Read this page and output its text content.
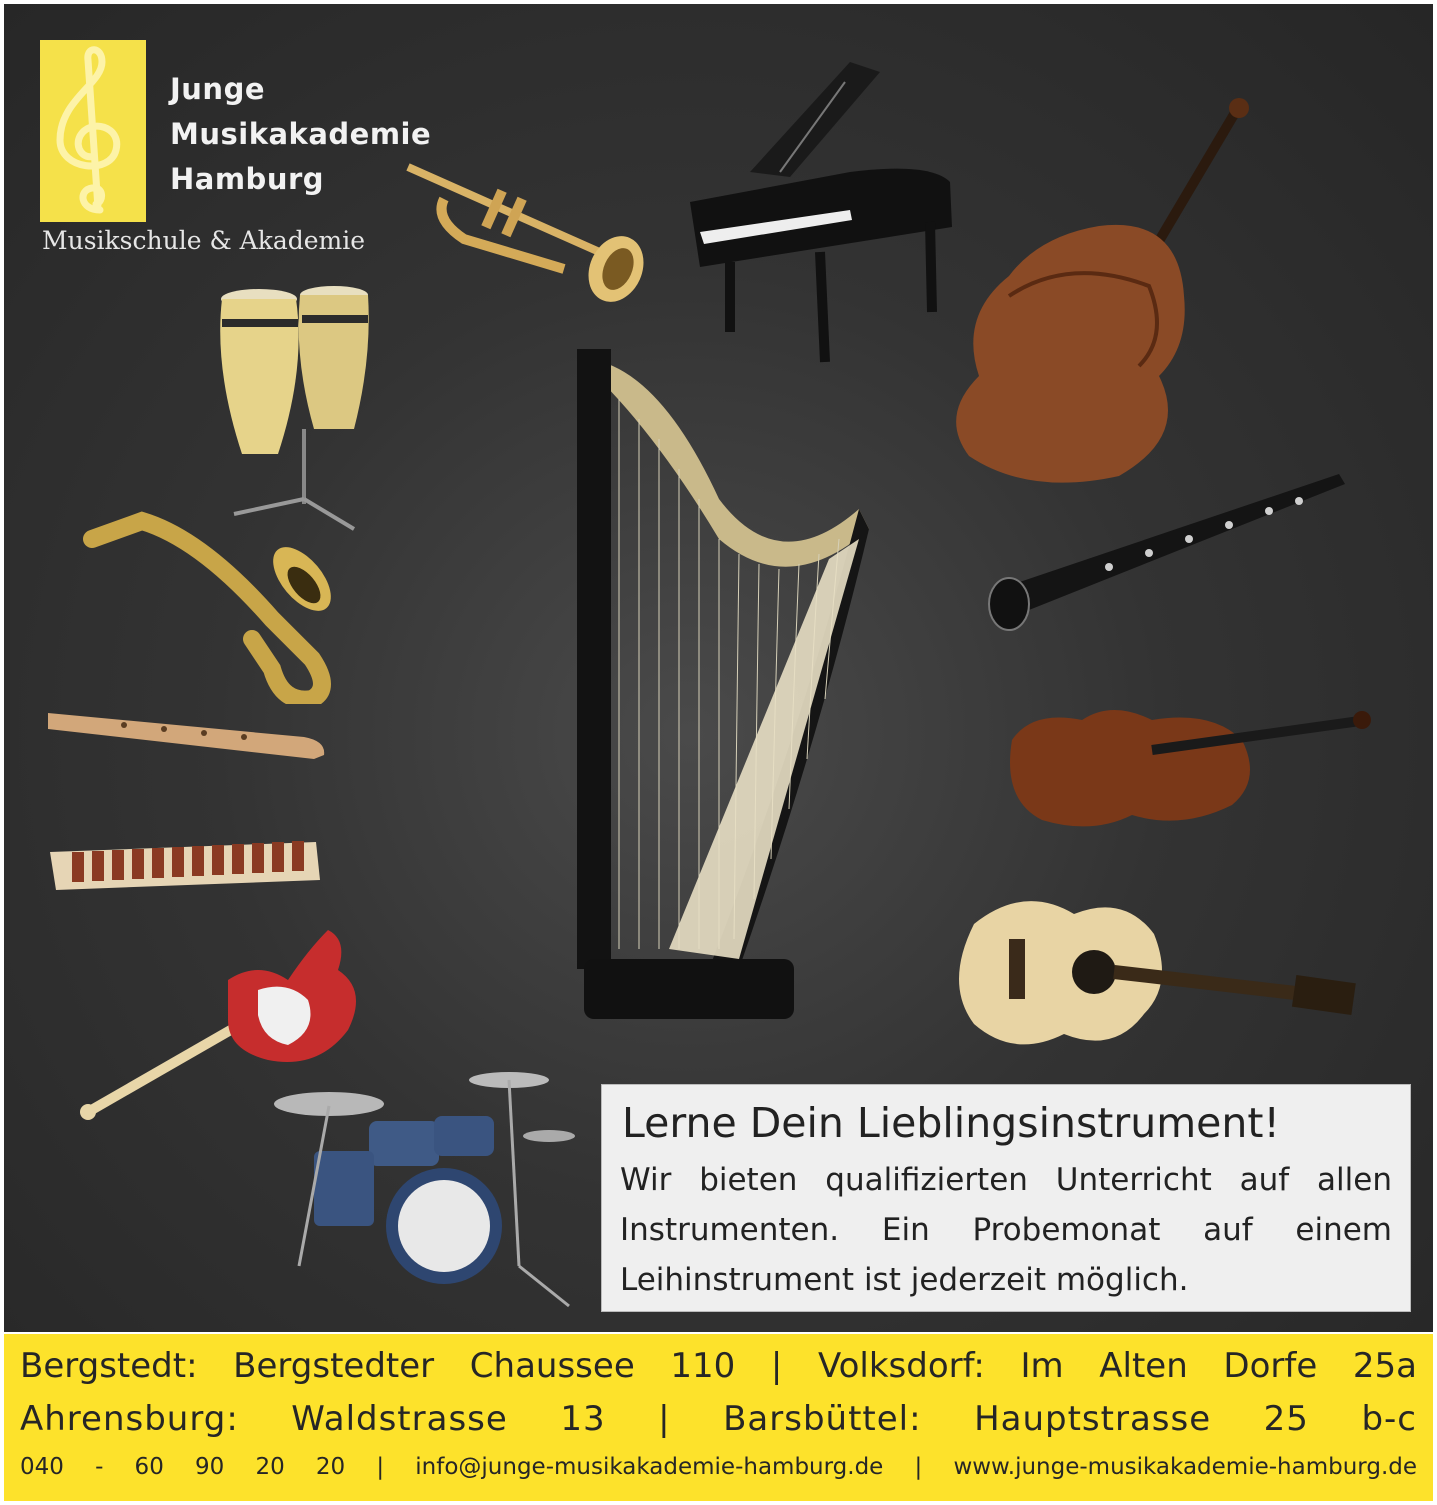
Junge
Musikakademie
Hamburg
Musikschule & Akademie
Lerne Dein Lieblingsinstrument!
Wir bieten qualifizierten Unterricht auf allen Instrumenten. Ein Probemonat auf einem Leihinstrument ist jederzeit möglich.
Bergstedt: Bergstedter Chaussee 110 | Volksdorf: Im Alten Dorfe 25a
Ahrensburg: Waldstrasse 13 | Barsbüttel: Hauptstrasse 25 b-c
040 - 60 90 20 20 | info@junge-musikakademie-hamburg.de | www.junge-musikakademie-hamburg.de
